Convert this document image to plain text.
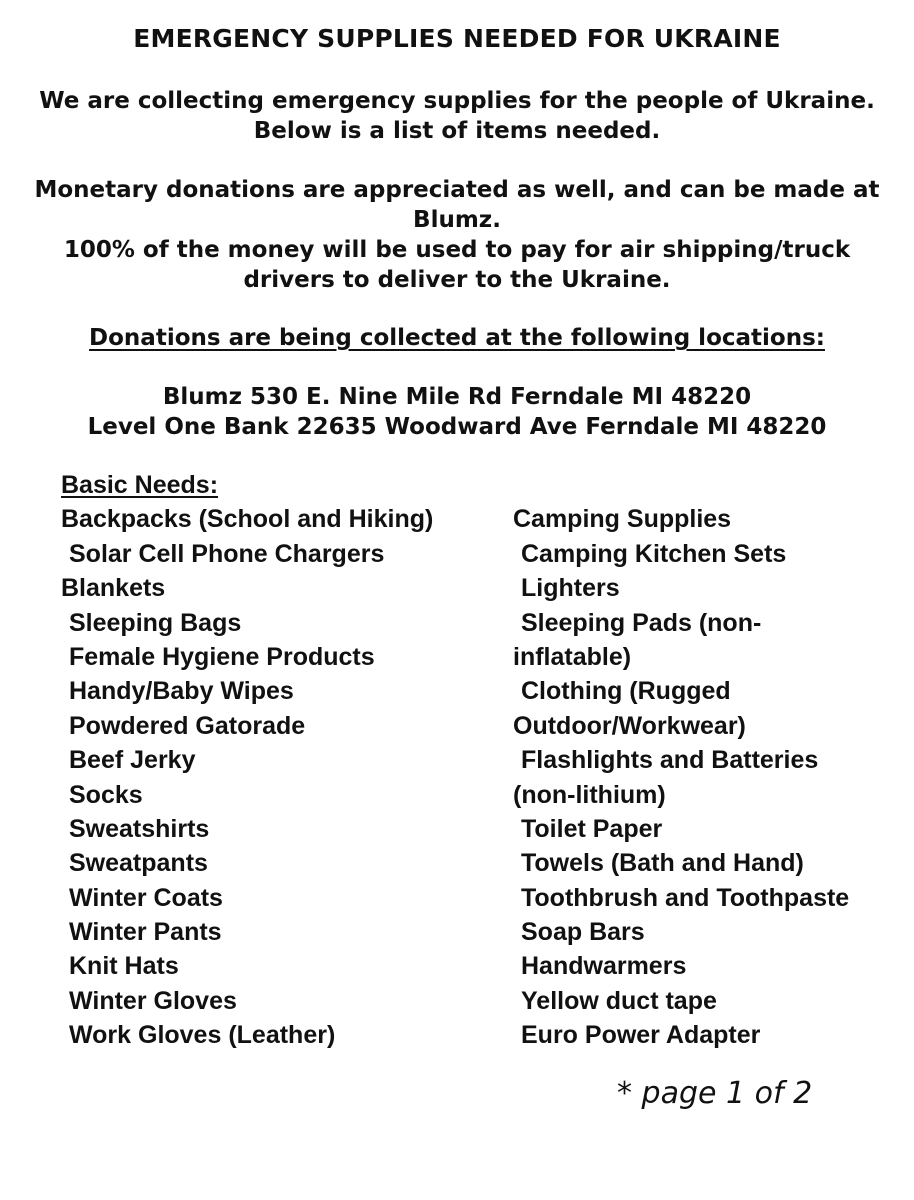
EMERGENCY SUPPLIES NEEDED FOR UKRAINE

We are collecting emergency supplies for the people of Ukraine.

Below is a list of items needed.

Monetary donations are appreciated as well, and can be made at

Blumz.

100% of the money will be used to pay for air shipping/truck

drivers to deliver to the Ukraine.

Donations are being collected at the following locations:
Blumz 530 E. Nine Mile Rd Ferndale MI 48220
Level One Bank 22635 Woodward Ave Ferndale MI 48220
Basic Needs:
Backpacks (School and Hiking)
Solar Cell Phone Chargers
Blankets
Sleeping Bags
Female Hygiene Products
Handy/Baby Wipes
Powdered Gatorade
Beef Jerky
Socks
Sweatshirts
Sweatpants
Winter Coats
Winter Pants
Knit Hats
Winter Gloves
Work Gloves (Leather)
Camping Supplies
Camping Kitchen Sets
Lighters
Sleeping Pads (non-
inflatable)
Clothing (Rugged
Outdoor/Workwear)
Flashlights and Batteries
(non-lithium)
Toilet Paper
Towels (Bath and Hand)
Toothbrush and Toothpaste
Soap Bars
Handwarmers
Yellow duct tape
Euro Power Adapter
* page 1 of 2
